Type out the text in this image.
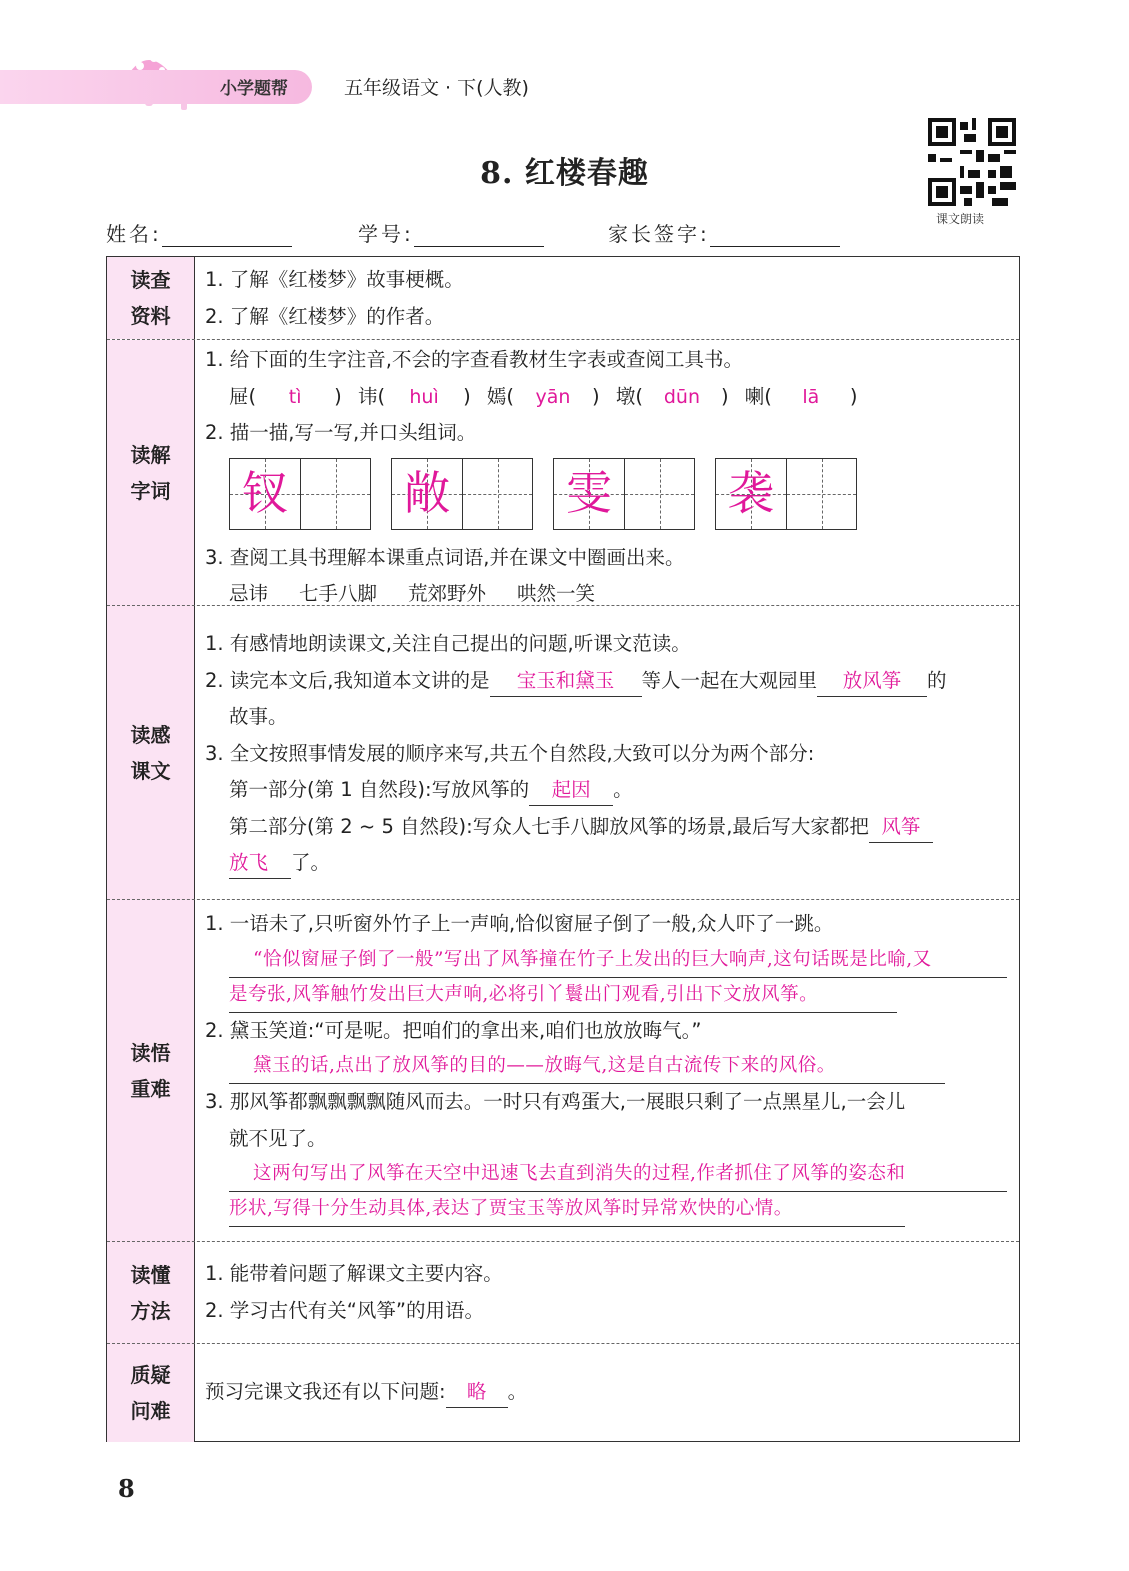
小学题帮	五年级语文 · 下(人教)
8. 红楼春趣
课文朗读
姓名:	学号:	家长签字:
读查
资料
1. 了解《红楼梦》故事梗概。
2. 了解《红楼梦》的作者。
读解
字词
1. 给下面的生字注音,不会的字查看教材生字表或查阅工具书。
屉( tì ) 讳( huì ) 嫣( yān ) 墩( dūn ) 喇( lā )
2. 描一描,写一写,并口头组词。
钗	敞	雯	袭
3. 查阅工具书理解本课重点词语,并在课文中圈画出来。
忌讳 七手八脚 荒郊野外 哄然一笑
读感
课文
1. 有感情地朗读课文,关注自己提出的问题,听课文范读。
2. 读完本文后,我知道本文讲的是 宝玉和黛玉 等人一起在大观园里 放风筝 的
故事。
3. 全文按照事情发展的顺序来写,共五个自然段,大致可以分为两个部分:
第一部分(第 1 自然段):写放风筝的 起因 。
第二部分(第 2 ~ 5 自然段):写众人七手八脚放风筝的场景,最后写大家都把 风筝
放飞 了。
读悟
重难
1. 一语未了,只听窗外竹子上一声响,恰似窗屉子倒了一般,众人吓了一跳。
“恰似窗屉子倒了一般”写出了风筝撞在竹子上发出的巨大响声,这句话既是比喻,又
是夸张,风筝触竹发出巨大声响,必将引丫鬟出门观看,引出下文放风筝。
2. 黛玉笑道:“可是呢。把咱们的拿出来,咱们也放放晦气。”
黛玉的话,点出了放风筝的目的——放晦气,这是自古流传下来的风俗。
3. 那风筝都飘飘飘飘随风而去。一时只有鸡蛋大,一展眼只剩了一点黑星儿,一会儿
就不见了。
这两句写出了风筝在天空中迅速飞去直到消失的过程,作者抓住了风筝的姿态和
形状,写得十分生动具体,表达了贾宝玉等放风筝时异常欢快的心情。
读懂
方法
1. 能带着问题了解课文主要内容。
2. 学习古代有关“风筝”的用语。
质疑
问难
预习完课文我还有以下问题: 略 。
8
